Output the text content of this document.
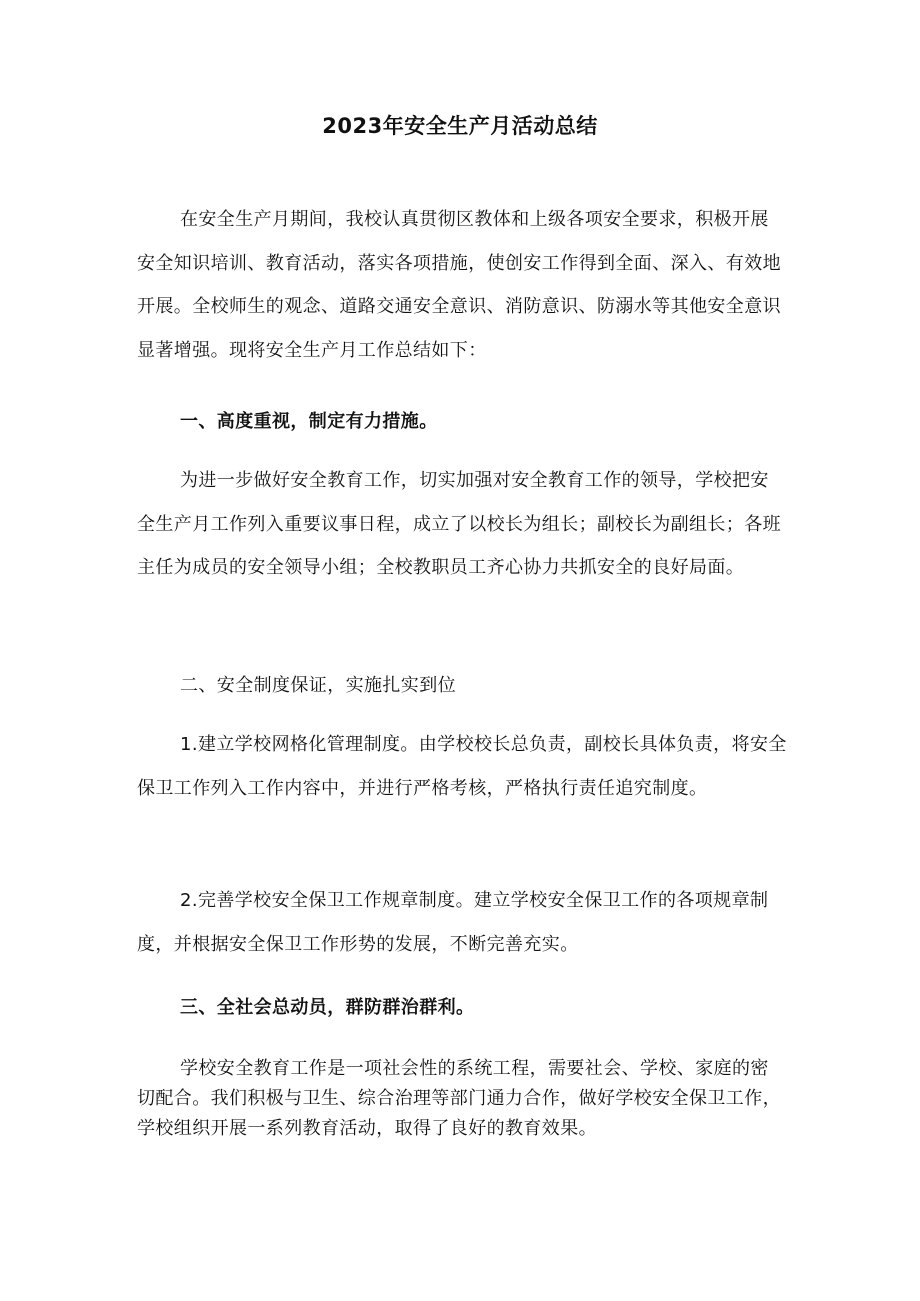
2023年安全生产月活动总结

在安全生产月期间，我校认真贯彻区教体和上级各项安全要求，积极开展安全知识培训、教育活动，落实各项措施，使创安工作得到全面、深入、有效地开展。全校师生的观念、道路交通安全意识、消防意识、防溺水等其他安全意识显著增强。现将安全生产月工作总结如下：

一、高度重视，制定有力措施。

为进一步做好安全教育工作，切实加强对安全教育工作的领导，学校把安全生产月工作列入重要议事日程，成立了以校长为组长；副校长为副组长；各班主任为成员的安全领导小组；全校教职员工齐心协力共抓安全的良好局面。

二、安全制度保证，实施扎实到位

1.建立学校网格化管理制度。由学校校长总负责，副校长具体负责，将安全保卫工作列入工作内容中，并进行严格考核，严格执行责任追究制度。

2.完善学校安全保卫工作规章制度。建立学校安全保卫工作的各项规章制度，并根据安全保卫工作形势的发展，不断完善充实。

三、全社会总动员，群防群治群利。

学校安全教育工作是一项社会性的系统工程，需要社会、学校、家庭的密切配合。我们积极与卫生、综合治理等部门通力合作，做好学校安全保卫工作，学校组织开展一系列教育活动，取得了良好的教育效果。
